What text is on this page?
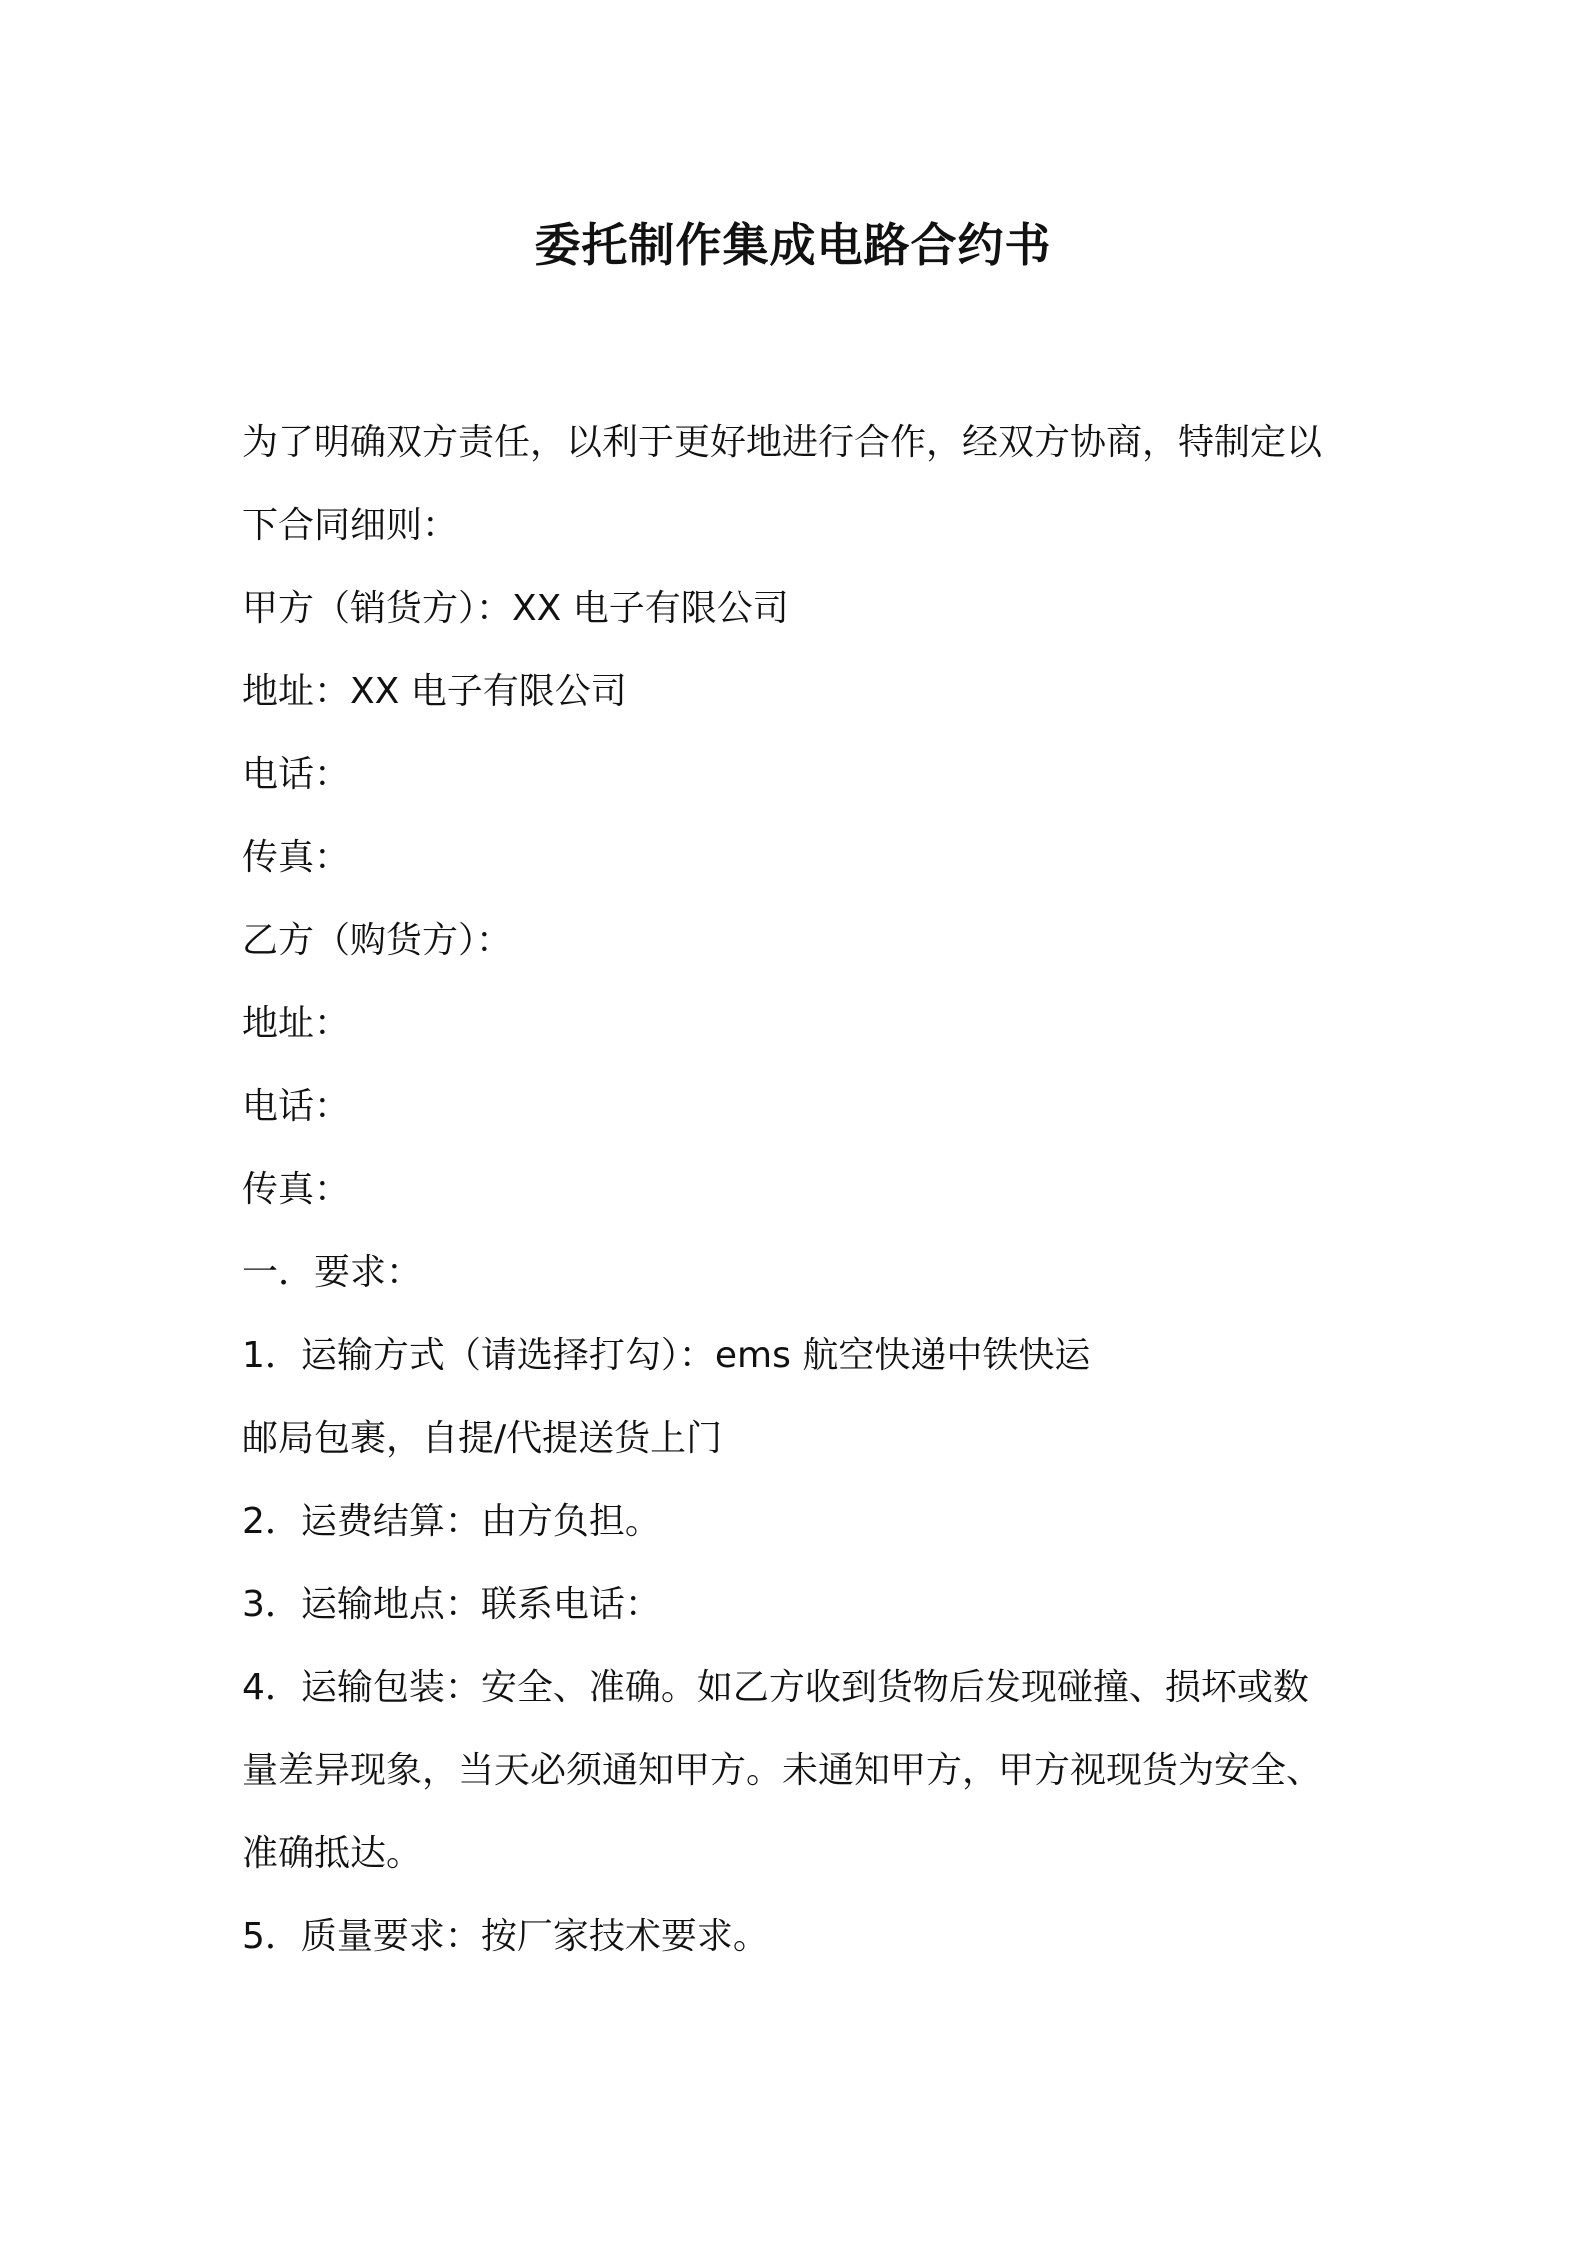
委托制作集成电路合约书
为了明确双方责任，以利于更好地进行合作，经双方协商，特制定以
下合同细则：
甲方（销货方）：XX 电子有限公司
地址：XX 电子有限公司
电话：
传真：
乙方（购货方）：
地址：
电话：
传真：
一．要求：
1．运输方式（请选择打勾）：ems 航空快递中铁快运
邮局包裹，自提/代提送货上门
2．运费结算：由方负担。
3．运输地点：联系电话：
4．运输包装：安全、准确。如乙方收到货物后发现碰撞、损坏或数
量差异现象，当天必须通知甲方。未通知甲方，甲方视现货为安全、
准确抵达。
5．质量要求：按厂家技术要求。
